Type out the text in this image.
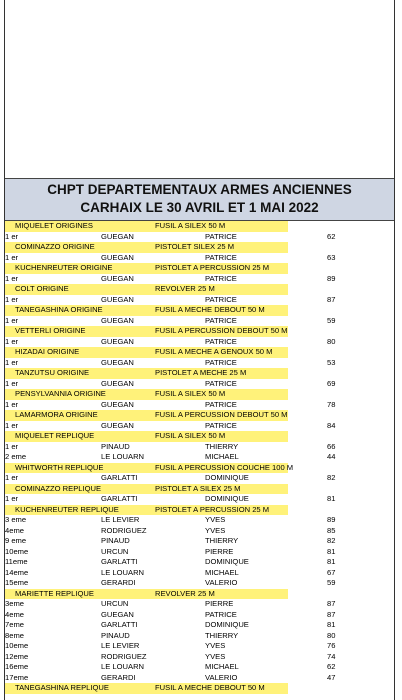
CHPT DEPARTEMENTAUX ARMES ANCIENNES
CARHAIX LE 30 AVRIL ET 1 MAI 2022
MIQUELET ORIGINES	FUSIL A SILEX 50 M
1 er	GUEGAN	PATRICE	62
COMINAZZO ORIGINE	PISTOLET SILEX 25 M
1 er	GUEGAN	PATRICE	63
KUCHENREUTER ORIGINE	PISTOLET A PERCUSSION 25 M
1 er	GUEGAN	PATRICE	89
COLT ORIGINE	REVOLVER 25 M
1 er	GUEGAN	PATRICE	87
TANEGASHINA ORIGINE	FUSIL A MECHE DEBOUT 50 M
1 er	GUEGAN	PATRICE	59
VETTERLI ORIGINE	FUSIL A PERCUSSION DEBOUT 50 M
1 er	GUEGAN	PATRICE	80
HIZADAI ORIGINE	FUSIL A MECHE A GENOUX 50 M
1 er	GUEGAN	PATRICE	53
TANZUTSU ORIGINE	PISTOLET A MECHE 25 M
1 er	GUEGAN	PATRICE	69
PENSYLVANNIA ORIGINE	FUSIL A SILEX 50 M
1 er	GUEGAN	PATRICE	78
LAMARMORA ORIGINE	FUSIL A PERCUSSION DEBOUT 50 M
1 er	GUEGAN	PATRICE	84
MIQUELET REPLIQUE	FUSIL A SILEX 50 M
1 er	PINAUD	THIERRY	66
2 eme	LE LOUARN	MICHAEL	44
WHITWORTH REPLIQUE	FUSIL A PERCUSSION COUCHE 100 M
1 er	GARLATTI	DOMINIQUE	82
COMINAZZO REPLIQUE	PISTOLET A SILEX 25 M
1 er	GARLATTI	DOMINIQUE	81
KUCHENREUTER REPLIQUE	PISTOLET A PERCUSSION 25 M
3 eme	LE LEVIER	YVES	89
4eme	RODRIGUEZ	YVES	85
9 eme	PINAUD	THIERRY	82
10eme	URCUN	PIERRE	81
11eme	GARLATTI	DOMINIQUE	81
14eme	LE LOUARN	MICHAEL	67
15eme	GERARDI	VALERIO	59
MARIETTE REPLIQUE	REVOLVER 25 M
3eme	URCUN	PIERRE	87
4eme	GUEGAN	PATRICE	87
7eme	GARLATTI	DOMINIQUE	81
8eme	PINAUD	THIERRY	80
10eme	LE LEVIER	YVES	76
12eme	RODRIGUEZ	YVES	74
16eme	LE LOUARN	MICHAEL	62
17eme	GERARDI	VALERIO	47
TANEGASHINA REPLIQUE	FUSIL A MECHE DEBOUT 50 M
